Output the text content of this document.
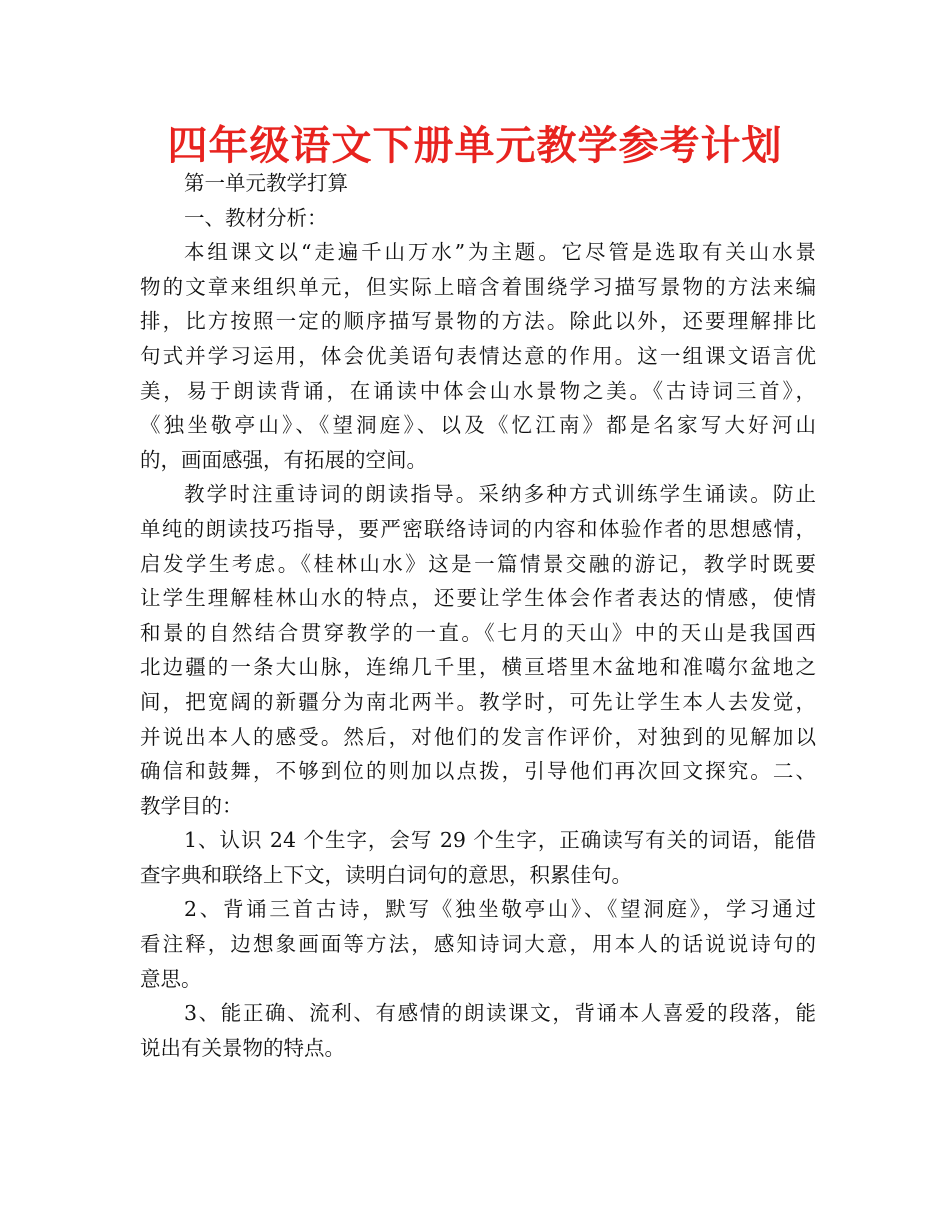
四年级语文下册单元教学参考计划
第一单元教学打算
一、教材分析：
本组课文以“走遍千山万水”为主题。它尽管是选取有关山水景
物的文章来组织单元，但实际上暗含着围绕学习描写景物的方法来编
排，比方按照一定的顺序描写景物的方法。除此以外，还要理解排比
句式并学习运用，体会优美语句表情达意的作用。这一组课文语言优
美，易于朗读背诵，在诵读中体会山水景物之美。《古诗词三首》，
《独坐敬亭山》、《望洞庭》、以及《忆江南》都是名家写大好河山
的，画面感强，有拓展的空间。
教学时注重诗词的朗读指导。采纳多种方式训练学生诵读。防止
单纯的朗读技巧指导，要严密联络诗词的内容和体验作者的思想感情，
启发学生考虑。《桂林山水》这是一篇情景交融的游记，教学时既要
让学生理解桂林山水的特点，还要让学生体会作者表达的情感，使情
和景的自然结合贯穿教学的一直。《七月的天山》中的天山是我国西
北边疆的一条大山脉，连绵几千里，横亘塔里木盆地和准噶尔盆地之
间，把宽阔的新疆分为南北两半。教学时，可先让学生本人去发觉，
并说出本人的感受。然后，对他们的发言作评价，对独到的见解加以
确信和鼓舞，不够到位的则加以点拨，引导他们再次回文探究。二、
教学目的：
1、认识 24 个生字，会写 29 个生字，正确读写有关的词语，能借
查字典和联络上下文，读明白词句的意思，积累佳句。
2、背诵三首古诗，默写《独坐敬亭山》、《望洞庭》，学习通过
看注释，边想象画面等方法，感知诗词大意，用本人的话说说诗句的
意思。
3、能正确、流利、有感情的朗读课文，背诵本人喜爱的段落，能
说出有关景物的特点。
